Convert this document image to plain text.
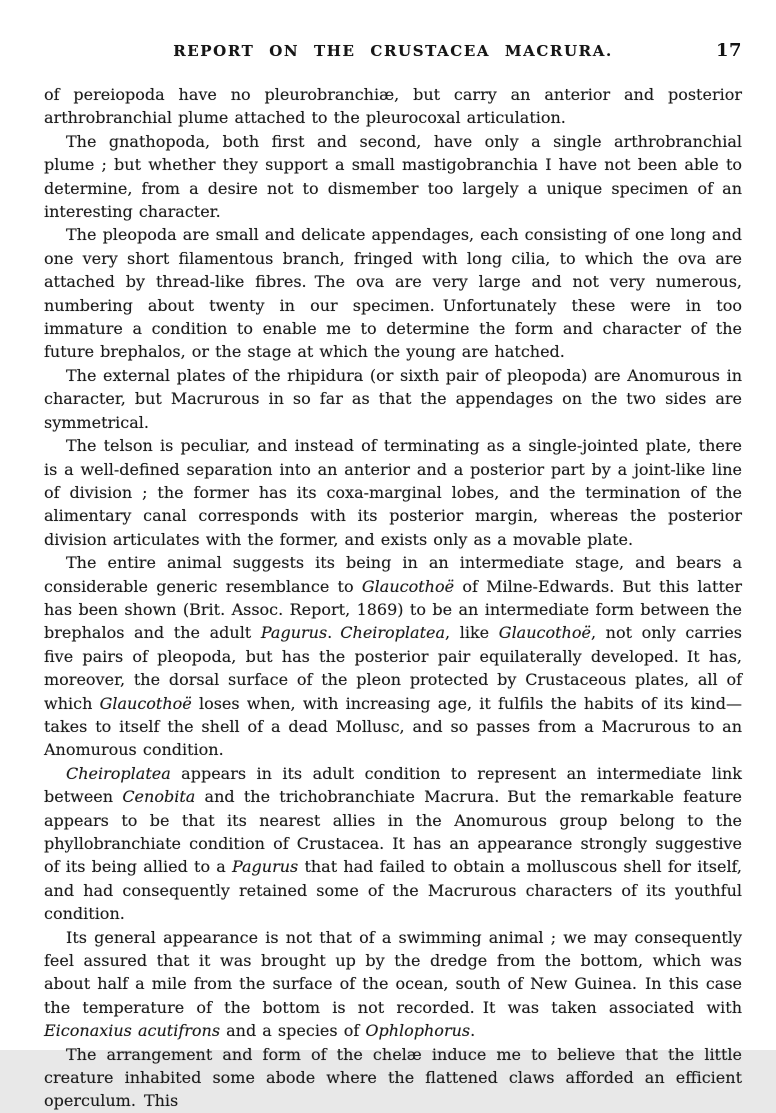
REPORT ON THE CRUSTACEA MACRURA.	17

of pereiopoda have no pleurobranchiæ, but carry an anterior and posterior arthrobranchial plume attached to the pleurocoxal articulation.

The gnathopoda, both first and second, have only a single arthrobranchial plume ; but whether they support a small mastigobranchia I have not been able to determine, from a desire not to dismember too largely a unique specimen of an interesting character.

The pleopoda are small and delicate appendages, each consisting of one long and one very short filamentous branch, fringed with long cilia, to which the ova are attached by thread-like fibres. The ova are very large and not very numerous, numbering about twenty in our specimen. Unfortunately these were in too immature a condition to enable me to determine the form and character of the future brephalos, or the stage at which the young are hatched.

The external plates of the rhipidura (or sixth pair of pleopoda) are Anomurous in character, but Macrurous in so far as that the appendages on the two sides are symmetrical.

The telson is peculiar, and instead of terminating as a single-jointed plate, there is a well-defined separation into an anterior and a posterior part by a joint-like line of division ; the former has its coxa-marginal lobes, and the termination of the alimentary canal corresponds with its posterior margin, whereas the posterior division articulates with the former, and exists only as a movable plate.

The entire animal suggests its being in an intermediate stage, and bears a considerable generic resemblance to Glaucothoë of Milne-Edwards. But this latter has been shown (Brit. Assoc. Report, 1869) to be an intermediate form between the brephalos and the adult Pagurus. Cheiroplatea, like Glaucothoë, not only carries five pairs of pleopoda, but has the posterior pair equilaterally developed. It has, moreover, the dorsal surface of the pleon protected by Crustaceous plates, all of which Glaucothoë loses when, with increasing age, it fulfils the habits of its kind—takes to itself the shell of a dead Mollusc, and so passes from a Macrurous to an Anomurous condition.

Cheiroplatea appears in its adult condition to represent an intermediate link between Cenobita and the trichobranchiate Macrura. But the remarkable feature appears to be that its nearest allies in the Anomurous group belong to the phyllobranchiate condition of Crustacea. It has an appearance strongly suggestive of its being allied to a Pagurus that had failed to obtain a molluscous shell for itself, and had consequently retained some of the Macrurous characters of its youthful condition.

Its general appearance is not that of a swimming animal ; we may consequently feel assured that it was brought up by the dredge from the bottom, which was about half a mile from the surface of the ocean, south of New Guinea. In this case the temperature of the bottom is not recorded. It was taken associated with Eiconaxius acutifrons and a species of Ophlophorus.

The arrangement and form of the chelæ induce me to believe that the little creature inhabited some abode where the flattened claws afforded an efficient operculum. This
